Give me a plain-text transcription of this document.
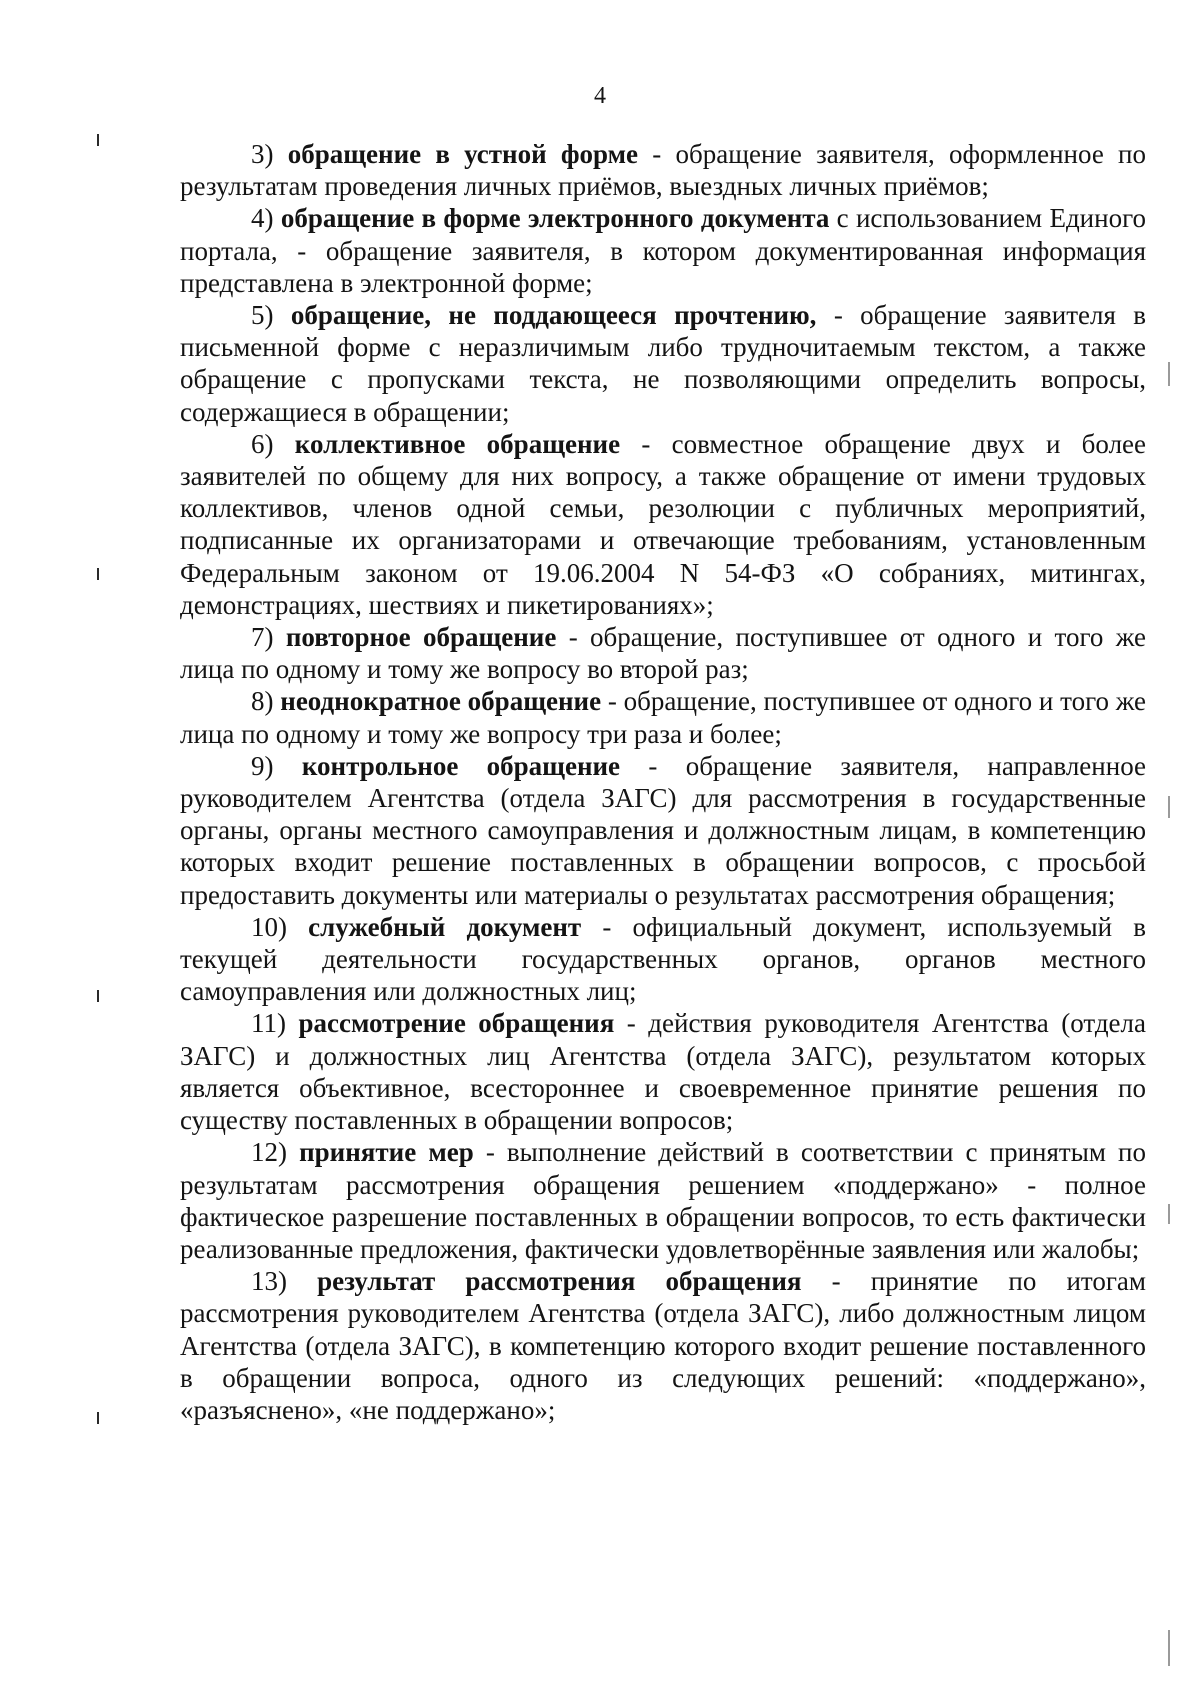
4

3) обращение в устной форме - обращение заявителя, оформленное по результатам проведения личных приёмов, выездных личных приёмов;

4) обращение в форме электронного документа с использованием Единого портала, - обращение заявителя, в котором документированная информация представлена в электронной форме;

5) обращение, не поддающееся прочтению, - обращение заявителя в письменной форме с неразличимым либо трудночитаемым текстом, а также обращение с пропусками текста, не позволяющими определить вопросы, содержащиеся в обращении;

6) коллективное обращение - совместное обращение двух и более заявителей по общему для них вопросу, а также обращение от имени трудовых коллективов, членов одной семьи, резолюции с публичных мероприятий, подписанные их организаторами и отвечающие требованиям, установленным Федеральным законом от 19.06.2004 N 54-ФЗ «О собраниях, митингах, демонстрациях, шествиях и пикетированиях»;

7) повторное обращение - обращение, поступившее от одного и того же лица по одному и тому же вопросу во второй раз;

8) неоднократное обращение - обращение, поступившее от одного и того же лица по одному и тому же вопросу три раза и более;

9) контрольное обращение - обращение заявителя, направленное руководителем Агентства (отдела ЗАГС) для рассмотрения в государственные органы, органы местного самоуправления и должностным лицам, в компетенцию которых входит решение поставленных в обращении вопросов, с просьбой предоставить документы или материалы о результатах рассмотрения обращения;

10) служебный документ - официальный документ, используемый в текущей деятельности государственных органов, органов местного самоуправления или должностных лиц;

11) рассмотрение обращения - действия руководителя Агентства (отдела ЗАГС) и должностных лиц Агентства (отдела ЗАГС), результатом которых является объективное, всестороннее и своевременное принятие решения по существу поставленных в обращении вопросов;

12) принятие мер - выполнение действий в соответствии с принятым по результатам рассмотрения обращения решением «поддержано» - полное фактическое разрешение поставленных в обращении вопросов, то есть фактически реализованные предложения, фактически удовлетворённые заявления или жалобы;

13) результат рассмотрения обращения - принятие по итогам рассмотрения руководителем Агентства (отдела ЗАГС), либо должностным лицом Агентства (отдела ЗАГС), в компетенцию которого входит решение поставленного в обращении вопроса, одного из следующих решений: «поддержано», «разъяснено», «не поддержано»;
